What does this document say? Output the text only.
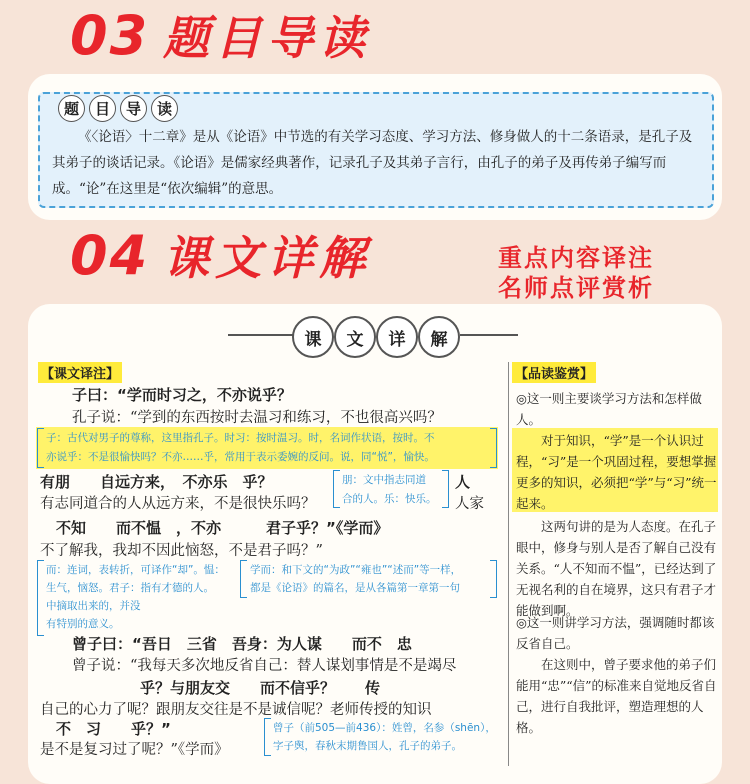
03 题目导读
题	目	导	读
《〈论语〉十二章》是从《论语》中节选的有关学习态度、学习方法、修身做人的十二条语录，是孔子及其弟子的谈话记录。《论语》是儒家经典著作，记录孔子及其弟子言行，由孔子的弟子及再传弟子编写而成。“论”在这里是“依次编辑”的意思。
04 课文详解	重点内容译注
名师点评赏析
课	文	详	解
【课文译注】	【品读鉴赏】
子曰：“学而时习之，不亦说乎？
孔子说：“学到的东西按时去温习和练习，不也很高兴吗？
子：古代对男子的尊称，这里指孔子。时习：按时温习。时，名词作状语，按时。不
亦说乎：不是很愉快吗？不亦……乎，常用于表示委婉的反问。说，同“悦”，愉快。
有朋　　自远方来，　不亦乐　乎？	朋：文中指志同道
合的人。乐：快乐。
人
有志同道合的人从远方来，不是很快乐吗？	人家
不知　　而不愠　，不亦　　　君子乎？”《学而》
不了解我，我却不因此恼怒，不是君子吗？”
而：连词，表转折，可译作“却”。愠：
生气，恼怒。君子：指有才德的人。
中摘取出来的，并没
有特别的意义。
学而：和下文的“为政”“雍也”“述而”等一样，
都是《论语》的篇名，是从各篇第一章第一句
曾子曰：“吾日　三省　吾身：为人谋　　而不　忠
曾子说：“我每天多次地反省自己：替人谋划事情是不是竭尽
乎？与朋友交　　而不信乎？　　传
自己的心力了呢？跟朋友交往是不是诚信呢？老师传授的知识
不　习　　乎？”
是不是复习过了呢？”《学而》
曾子（前505—前436）：姓曾，名参（shēn），
字子舆，春秋末期鲁国人，孔子的弟子。
◎这一则主要谈学习方法和怎样做人。
对于知识，“学”是一个认识过程，“习”是一个巩固过程，要想掌握更多的知识，必须把“学”与“习”统一起来。
这两句讲的是为人态度。在孔子眼中，修身与别人是否了解自己没有关系。“人不知而不愠”，已经达到了无视名利的自在境界，这只有君子才能做到啊。
◎这一则讲学习方法，强调随时都该反省自己。
在这则中，曾子要求他的弟子们能用“忠”“信”的标准来自觉地反省自己，进行自我批评，塑造理想的人格。
